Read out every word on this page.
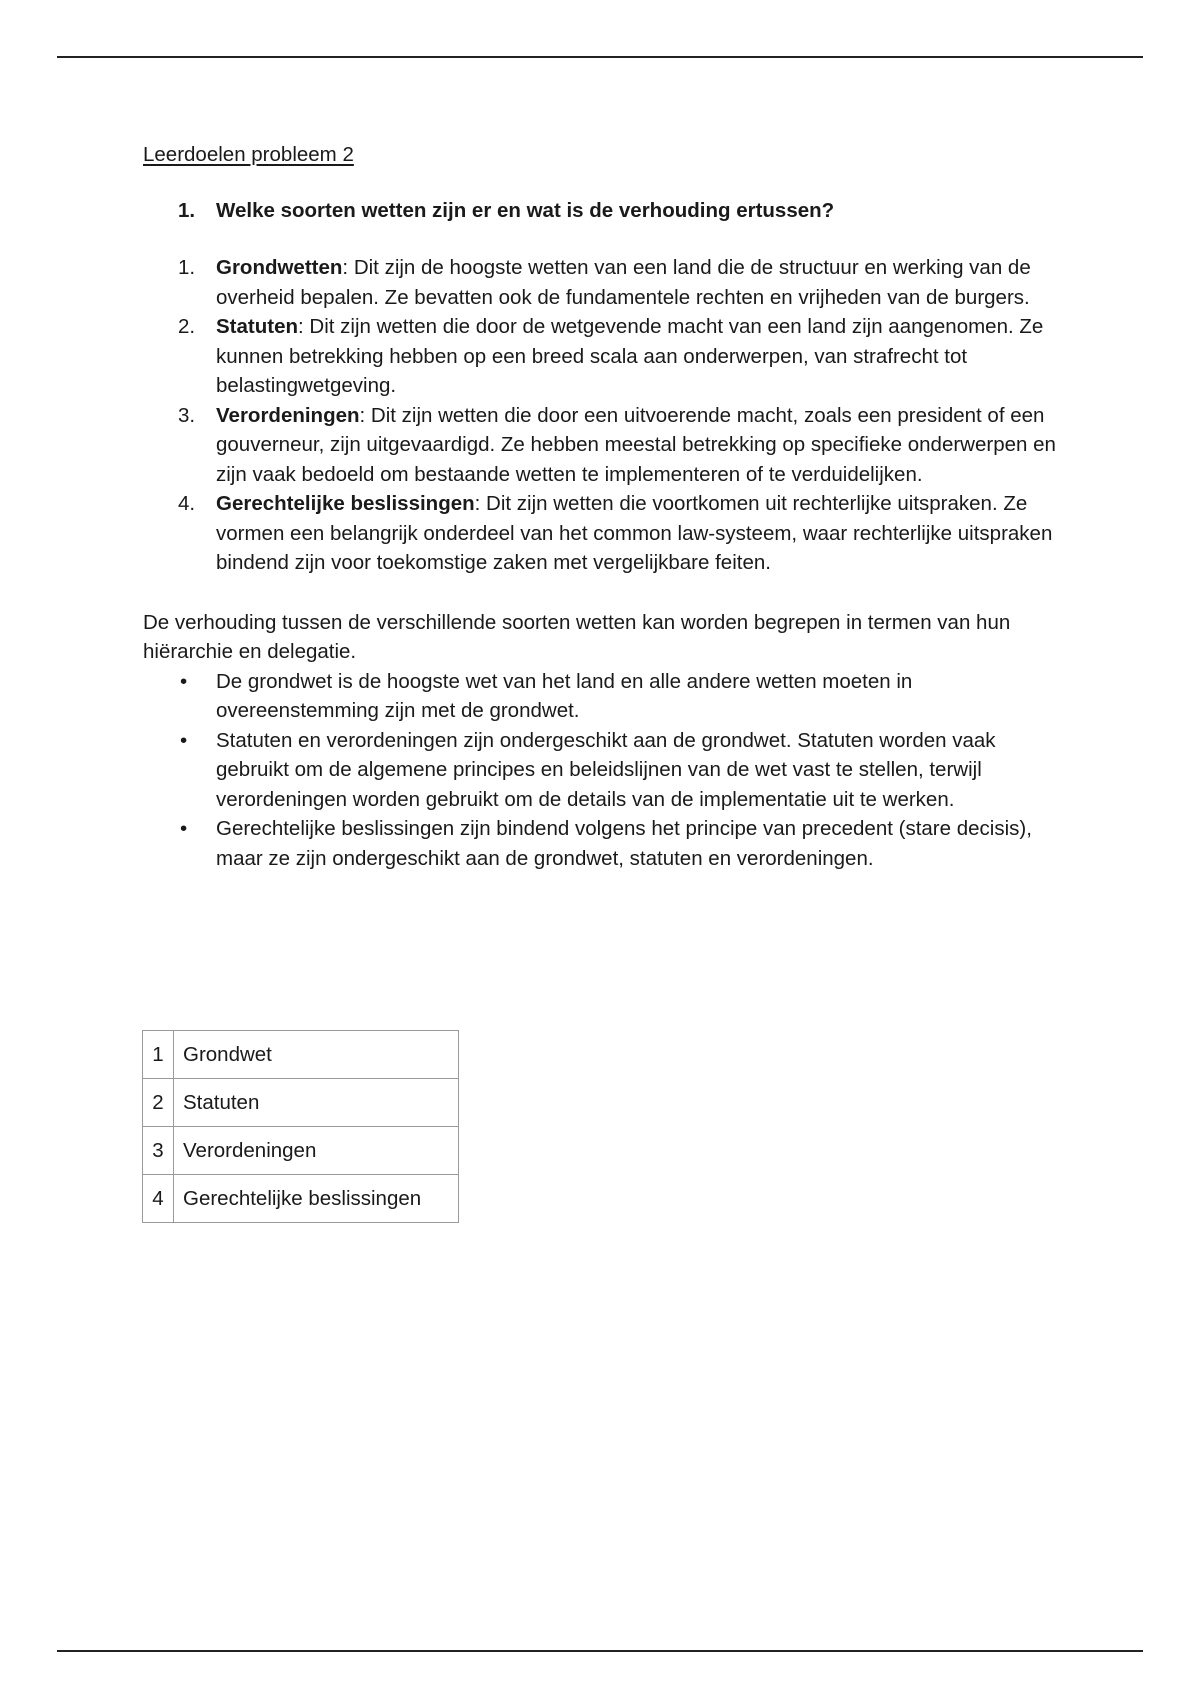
Leerdoelen probleem 2
1. Welke soorten wetten zijn er en wat is de verhouding ertussen?
1. Grondwetten: Dit zijn de hoogste wetten van een land die de structuur en werking van de overheid bepalen. Ze bevatten ook de fundamentele rechten en vrijheden van de burgers.
2. Statuten: Dit zijn wetten die door de wetgevende macht van een land zijn aangenomen. Ze kunnen betrekking hebben op een breed scala aan onderwerpen, van strafrecht tot belastingwetgeving.
3. Verordeningen: Dit zijn wetten die door een uitvoerende macht, zoals een president of een gouverneur, zijn uitgevaardigd. Ze hebben meestal betrekking op specifieke onderwerpen en zijn vaak bedoeld om bestaande wetten te implementeren of te verduidelijken.
4. Gerechtelijke beslissingen: Dit zijn wetten die voortkomen uit rechterlijke uitspraken. Ze vormen een belangrijk onderdeel van het common law-systeem, waar rechterlijke uitspraken bindend zijn voor toekomstige zaken met vergelijkbare feiten.

De verhouding tussen de verschillende soorten wetten kan worden begrepen in termen van hun hiërarchie en delegatie.

• De grondwet is de hoogste wet van het land en alle andere wetten moeten in overeenstemming zijn met de grondwet.
• Statuten en verordeningen zijn ondergeschikt aan de grondwet. Statuten worden vaak gebruikt om de algemene principes en beleidslijnen van de wet vast te stellen, terwijl verordeningen worden gebruikt om de details van de implementatie uit te werken.
• Gerechtelijke beslissingen zijn bindend volgens het principe van precedent (stare decisis), maar ze zijn ondergeschikt aan de grondwet, statuten en verordeningen.
1	Grondwet
2	Statuten
3	Verordeningen
4	Gerechtelijke beslissingen
